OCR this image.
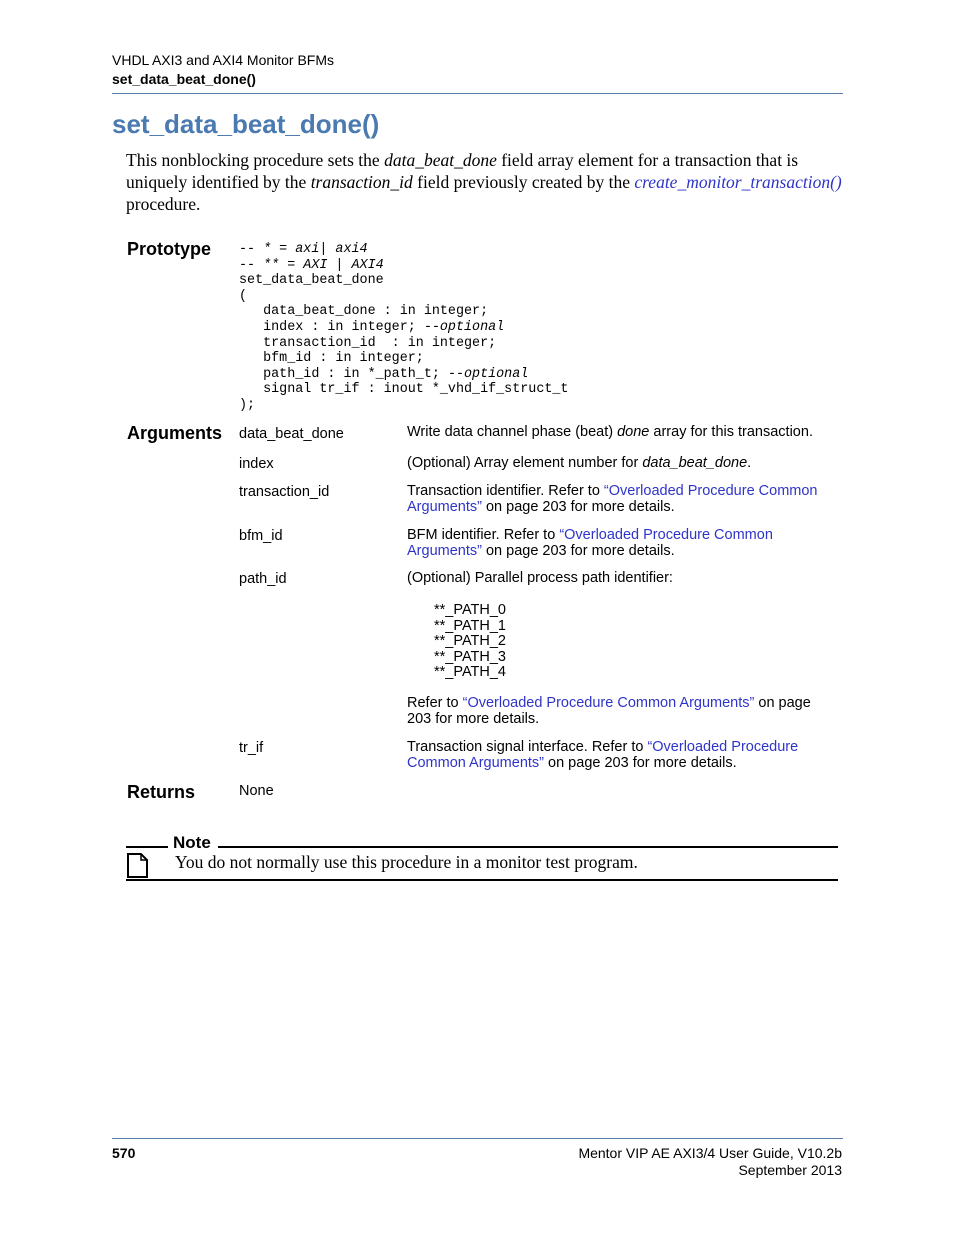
VHDL AXI3 and AXI4 Monitor BFMs
set_data_beat_done()
set_data_beat_done()
This nonblocking procedure sets the data_beat_done field array element for a transaction that is uniquely identified by the transaction_id field previously created by the create_monitor_transaction() procedure.
Prototype -- * = axi| axi4
-- ** = AXI | AXI4
set_data_beat_done
(
data_beat_done : in integer;
index : in integer; --optional
transaction_id  : in integer;
bfm_id : in integer;
path_id : in *_path_t; --optional
signal tr_if : inout *_vhd_if_struct_t
);
Arguments data_beat_done	Write data channel phase (beat) done array for this transaction.
index	(Optional) Array element number for data_beat_done.
transaction_id	Transaction identifier. Refer to “Overloaded Procedure Common Arguments” on page 203 for more details.
bfm_id	BFM identifier. Refer to “Overloaded Procedure Common Arguments” on page 203 for more details.
path_id	(Optional) Parallel process path identifier:
**_PATH_0
**_PATH_1
**_PATH_2
**_PATH_3
**_PATH_4
Refer to “Overloaded Procedure Common Arguments” on page 203 for more details.
tr_if	Transaction signal interface. Refer to “Overloaded Procedure Common Arguments” on page 203 for more details.
Returns	None
Note
You do not normally use this procedure in a monitor test program.
570	Mentor VIP AE AXI3/4 User Guide, V10.2b
September 2013
